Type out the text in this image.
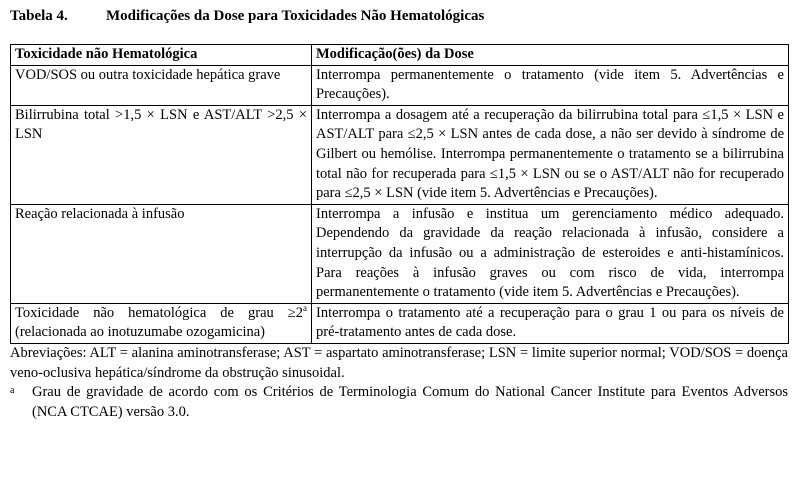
Tabela 4.	Modificações da Dose para Toxicidades Não Hematológicas
Toxicidade não Hematológica	Modificação(ões) da Dose
VOD/SOS ou outra toxicidade hepática grave	Interrompa permanentemente o tratamento (vide item 5. Advertências e Precauções).
Bilirrubina total >1,5 × LSN e AST/ALT >2,5 × LSN	Interrompa a dosagem até a recuperação da bilirrubina total para ≤1,5 × LSN e AST/ALT para ≤2,5 × LSN antes de cada dose, a não ser devido à síndrome de Gilbert ou hemólise. Interrompa permanentemente o tratamento se a bilirrubina total não for recuperada para ≤1,5 × LSN ou se o AST/ALT não for recuperado para ≤2,5 × LSN (vide item 5. Advertências e Precauções).
Reação relacionada à infusão	Interrompa a infusão e institua um gerenciamento médico adequado. Dependendo da gravidade da reação relacionada à infusão, considere a interrupção da infusão ou a administração de esteroides e anti-histamínicos. Para reações à infusão graves ou com risco de vida, interrompa permanentemente o tratamento (vide item 5. Advertências e Precauções).
Toxicidade não hematológica de grau $\ge 2^a$ (relacionada ao inotuzumabe ozogamicina)	Interrompa o tratamento até a recuperação para o grau 1 ou para os níveis de pré-tratamento antes de cada dose.
Abreviações: ALT = alanina aminotransferase; AST = aspartato aminotransferase; LSN = limite superior normal; VOD/SOS = doença veno-oclusiva hepática/síndrome da obstrução sinusoidal.
a Grau de gravidade de acordo com os Critérios de Terminologia Comum do National Cancer Institute para Eventos Adversos (NCA CTCAE) versão 3.0.
